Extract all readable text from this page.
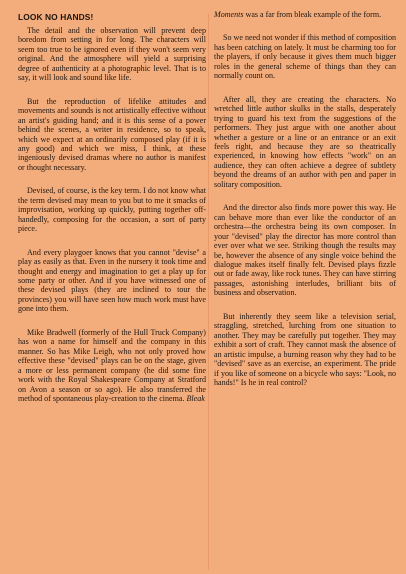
LOOK NO HANDS!

The detail and the observation will prevent deep boredom from setting in for long. The characters will seem too true to be ignored even if they won't seem very original. And the atmosphere will yield a surprising degree of authenticity at a photographic level. That is to say, it will look and sound like life.

But the reproduction of lifelike attitudes and movements and sounds is not artistically effective without an artist's guiding hand; and it is this sense of a power behind the scenes, a writer in residence, so to speak, which we expect at an ordinarily composed play (if it is any good) and which we miss, I think, at these ingeniously devised dramas where no author is manifest or thought necessary.

Devised, of course, is the key term. I do not know what the term devised may mean to you but to me it smacks of improvisation, working up quickly, putting together off-handedly, composing for the occasion, a sort of party piece.

And every playgoer knows that you cannot "devise" a play as easily as that. Even in the nursery it took time and thought and energy and imagination to get a play up for some party or other. And if you have witnessed one of these devised plays (they are inclined to tour the provinces) you will have seen how much work must have gone into them.

Mike Bradwell (formerly of the Hull Truck Company) has won a name for himself and the company in this manner. So has Mike Leigh, who not only proved how effective these "devised" plays can be on the stage, given a more or less permanent company (he did some fine work with the Royal Shakespeare Company at Stratford on Avon a season or so ago). He also transferred the method of spontaneous play-creation to the cinema. Bleak

Moments was a far from bleak example of the form.

So we need not wonder if this method of composition has been catching on lately. It must be charming too for the players, if only because it gives them much bigger roles in the general scheme of things than they can normally count on.

After all, they are creating the characters. No wretched little author skulks in the stalls, desperately trying to guard his text from the suggestions of the performers. They just argue with one another about whether a gesture or a line or an entrance or an exit feels right, and because they are so theatrically experienced, in knowing how effects "work" on an audience, they can often achieve a degree of subtlety beyond the dreams of an author with pen and paper in solitary composition.

And the director also finds more power this way. He can behave more than ever like the conductor of an orchestra—the orchestra being its own composer. In your "devised" play the director has more control than ever over what we see. Striking though the results may be, however the absence of any single voice behind the dialogue makes itself finally felt. Devised plays fizzle out or fade away, like rock tunes. They can have stirring passages, astonishing interludes, brilliant bits of business and observation.

But inherently they seem like a television serial, straggling, stretched, lurching from one situation to another. They may be carefully put together. They may exhibit a sort of craft. They cannot mask the absence of an artistic impulse, a burning reason why they had to be "devised" save as an exercise, an experiment. The pride if you like of someone on a bicycle who says: "Look, no hands!" Is he in real control?
